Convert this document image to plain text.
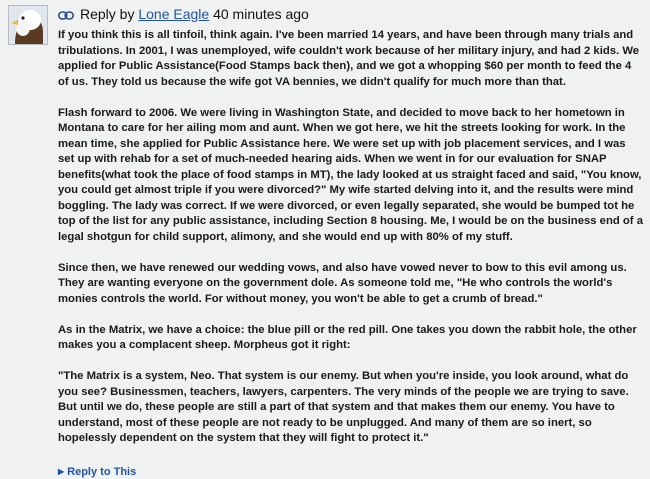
Reply by Lone Eagle 40 minutes ago

If you think this is all tinfoil, think again. I've been married 14 years, and have been through many trials and tribulations. In 2001, I was unemployed, wife couldn't work because of her military injury, and had 2 kids. We applied for Public Assistance(Food Stamps back then), and we got a whopping $60 per month to feed the 4 of us. They told us because the wife got VA bennies, we didn't qualify for much more than that.

Flash forward to 2006. We were living in Washington State, and decided to move back to her hometown in Montana to care for her ailing mom and aunt. When we got here, we hit the streets looking for work. In the mean time, she applied for Public Assistance here. We were set up with job placement services, and I was set up with rehab for a set of much-needed hearing aids. When we went in for our evaluation for SNAP benefits(what took the place of food stamps in MT), the lady looked at us straight faced and said, "You know, you could get almost triple if you were divorced?" My wife started delving into it, and the results were mind boggling. The lady was correct. If we were divorced, or even legally separated, she would be bumped tot he top of the list for any public assistance, including Section 8 housing. Me, I would be on the business end of a legal shotgun for child support, alimony, and she would end up with 80% of my stuff.

Since then, we have renewed our wedding vows, and also have vowed never to bow to this evil among us. They are wanting everyone on the government dole. As someone told me, "He who controls the world's monies controls the world. For without money, you won't be able to get a crumb of bread."

As in the Matrix, we have a choice: the blue pill or the red pill. One takes you down the rabbit hole, the other makes you a complacent sheep. Morpheus got it right:

"The Matrix is a system, Neo. That system is our enemy. But when you're inside, you look around, what do you see? Businessmen, teachers, lawyers, carpenters. The very minds of the people we are trying to save. But until we do, these people are still a part of that system and that makes them our enemy. You have to understand, most of these people are not ready to be unplugged. And many of them are so inert, so hopelessly dependent on the system that they will fight to protect it."

▶ Reply to This
